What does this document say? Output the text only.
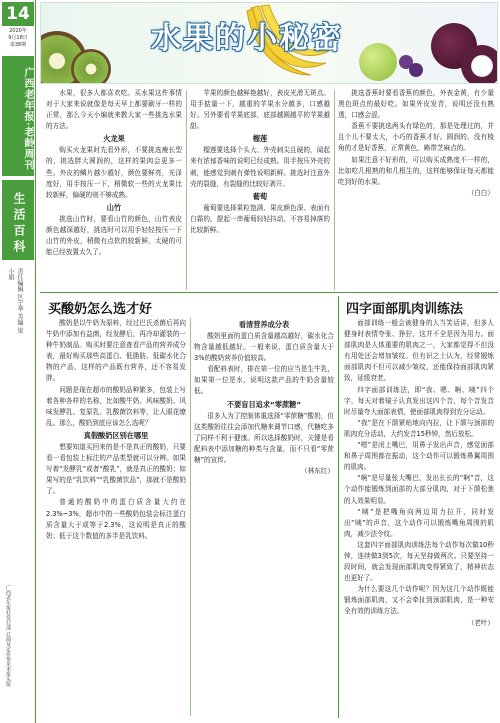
14
2020年
9月18日
第38期
广西老年报·老龄周刊
生活百科
责任编辑 区宁华 美编 梁小娟
广西老年报社发行部 订阅及定价参见本报头版
水果的小秘密

水果，很多人都喜欢吃。买水果这件事情对于大家来说就像是每天早上都要刷牙一样的正常，那么今天小编就来教大家一些挑选水果的方法。

火龙果

购买火龙果时先看外形，不要挑选瘦长型的，挑选胖大圆润的，这样的果肉会更多一些。外皮的鳞片越少越好，颜色要鲜亮，光泽度好，用手按压一下，稍微软一些的火龙果比较新鲜，偏硬的则不够成熟。

山竹

挑选山竹时，要看山竹的颜色，山竹表皮颜色越深越好，挑选时可以用手轻轻按压一下山竹的外皮，稍微有点软的较新鲜，太硬的可能已经放置太久了。

苹果的颜色越鲜艳越好，表皮光滑无斑点。用手掂量一下，越重的苹果水分越多，口感越好。另外要看苹果底部，底部越圆越平的苹果越甜。

榴莲

榴莲要选择个头大、外壳刺尖且硬的，闻起来有浓郁香味的说明已经成熟。用手按压外壳的刺，能感觉到刺有弹性说明新鲜。挑选时注意外壳的裂缝，有裂缝的比较好剥开。

葡萄

葡萄要选择果粒饱满、果皮颜色深、表面有白霜的。提起一串葡萄轻轻抖动，不容易掉落的比较新鲜。

挑选香蕉时要看香蕉的颜色，外表金黄，有少量黑色斑点的最好吃。如果外皮发青，说明还没有熟透，口感会涩。

香蕉不要挑选两头有绿色的，那是处理过的，并且个儿不要太大，小巧的香蕉才好。圆润的、没有棱角的才是好香蕉，正常黄色，略带芝麻点的。

如果注意不好形的，可以购买成熟度不一样的，比如吃几根熟的和几根生的，这样能够保证每天都能吃到好的水果。

（白白）
买酸奶怎么选才好

酸奶是以牛奶为原料，经过巴氏杀菌后再向牛奶中添加有益菌，经发酵后，再冷却灌装的一种牛奶制品。购买时要注意查看产品的营养成分表，最好购买那些高蛋白、低脂肪、低碳水化合物的产品，这样的产品既有营养，还不容易发胖。

问题是现在超市的酸奶品种繁多，包装上写着各种各样的名称，比如酸牛奶、风味酸奶、风味发酵乳、复原乳、乳酸菌饮料等，让人眼花缭乱。那么，酸奶到底应该怎么选呢？

真假酸奶区别在哪里

想要知道买回来的是不是真正的酸奶，只要看一看包装上标注的产品类型就可以分辨。如果写着“发酵乳”或者“酸乳”，就是真正的酸奶；如果写的是“乳饮料”“乳酸菌饮品”，那就不是酸奶了。

普通的酸奶中的蛋白质含量大约在2.3%~3%，超市中的一些酸奶包装会标注蛋白质含量大于或等于2.3%，这说明是真正的酸奶；低于这个数值的多半是乳饮料。

看清营养成分表

酸奶里面的蛋白质含量越高越好，碳水化合物含量越低越好。一般来说，蛋白质含量大于3%的酸奶营养价值较高。

看配料表时，排在第一位的应当是生牛乳，如果第一位是水，说明这款产品的牛奶含量较低。

不要盲目追求“零蔗糖”

很多人为了控制体重选择“零蔗糖”酸奶，但这类酸奶往往会添加代糖来调节口感，代糖吃多了同样不利于健康。所以选择酸奶时，关键是看配料表中添加糖的种类与含量，而不只看“零蔗糖”的宣传。

（林东红）
四字面部肌肉训练法

面部训练一般会被健身的人当笑话讲，但多人健身时表情夸张、狰狞，这并不全是因为用力。面部肌肉是人体重要的肌肉之一，大家都觉得不但没有用处还会增加皱纹。但有识之士认为，经常锻炼面部肌肉不但可以减少皱纹，还能保持面部肌肉紧致，延缓衰老。

四字面部训练法，即“我、嗯、啊、咦”四个字，每天对着镜子认真发出这四个音，每个音发音时尽量夸大面部表情，使面部肌肉得到充分运动。

“我”是在下颌紧贴地向内拉，让下颌与颈部的肌肉充分活动，大约发音15秒钟，然后放松。

“嗯”是闭上嘴巴，用鼻子发出声音，感觉面部和鼻子周围都在振动，这个动作可以锻炼鼻翼周围的肌肉。

“啊”是尽量张大嘴巴，发出长长的“啊”音，这个动作能锻炼到面部的大部分肌肉，对于下颌松弛的人效果明显。

“咦”是把嘴角向两边用力拉开，同时发出“咦”的声音，这个动作可以锻炼嘴角周围的肌肉，减少法令纹。

这套四字面部肌肉训练法每个动作每次做10秒钟，连续做3到5次，每天坚持做两次。只要坚持一段时间，就会发现面部肌肉变得紧致了，精神状态也更好了。

为什么要这几个动作呢？因为这几个动作既能锻炼面部肌肉，又不会牵扯到颈部肌肉，是一种安全有效的训练方法。

（老叶）
